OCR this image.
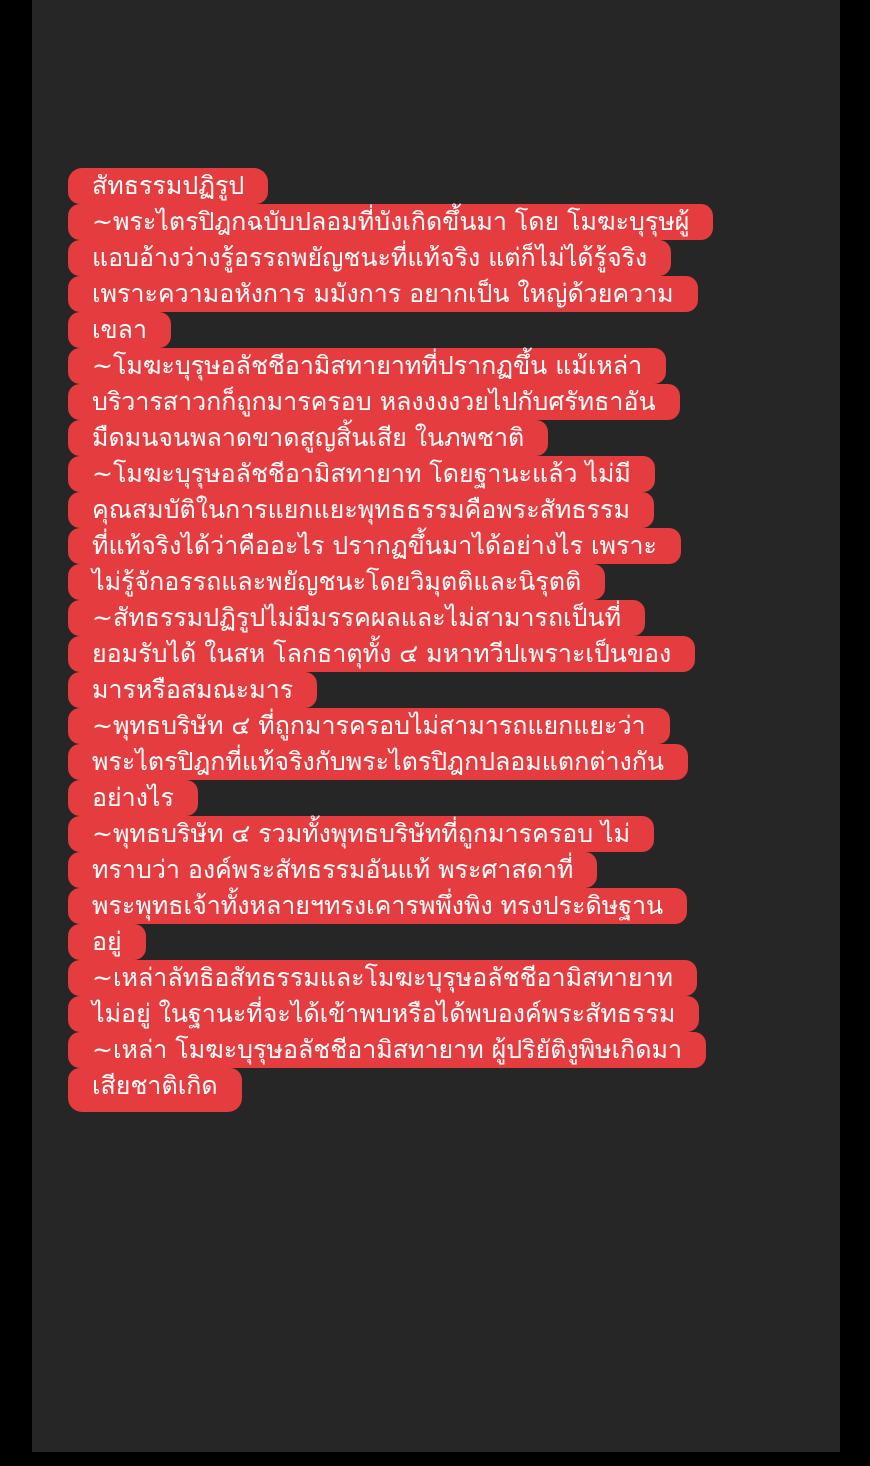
สัทธรรมปฏิรูป
~พระไตรปิฎกฉบับปลอมที่บังเกิดขึ้นมา โดย โมฆะบุรุษผู้
แอบอ้างว่างรู้อรรถพยัญชนะที่แท้จริง แต่ก็ไม่ได้รู้จริง
เพราะความอหังการ มมังการ อยากเป็น ใหญ่ด้วยความ
เขลา
~โมฆะบุรุษอลัชชีอามิสทายาทที่ปรากฏขึ้น แม้เหล่า
บริวารสาวกก็ถูกมารครอบ หลงงงงวยไปกับศรัทธาอัน
มืดมนจนพลาดขาดสูญสิ้นเสีย ในภพชาติ
~โมฆะบุรุษอลัชชีอามิสทายาท โดยฐานะแล้ว ไม่มี
คุณสมบัติในการแยกแยะพุทธธรรมคือพระสัทธรรม
ที่แท้จริงได้ว่าคืออะไร ปรากฏขึ้นมาได้อย่างไร เพราะ
ไม่รู้จักอรรถและพยัญชนะโดยวิมุตติและนิรุตติ
~สัทธรรมปฏิรูปไม่มีมรรคผลและไม่สามารถเป็นที่
ยอมรับได้ ในสห โลกธาตุทั้ง ๔ มหาทวีปเพราะเป็นของ
มารหรือสมณะมาร
~พุทธบริษัท ๔ ที่ถูกมารครอบไม่สามารถแยกแยะว่า
พระไตรปิฎกที่แท้จริงกับพระไตรปิฎกปลอมแตกต่างกัน
อย่างไร
~พุทธบริษัท ๔ รวมทั้งพุทธบริษัทที่ถูกมารครอบ ไม่
ทราบว่า องค์พระสัทธรรมอันแท้ พระศาสดาที่
พระพุทธเจ้าทั้งหลายฯทรงเคารพพึ่งพิง ทรงประดิษฐาน
อยู่
~เหล่าลัทธิอสัทธรรมและโมฆะบุรุษอลัชชีอามิสทายาท
ไม่อยู่ ในฐานะที่จะได้เข้าพบหรือได้พบองค์พระสัทธรรม
~เหล่า โมฆะบุรุษอลัชชีอามิสทายาท ผู้ปริยัติงูพิษเกิดมา
เสียชาติเกิด
